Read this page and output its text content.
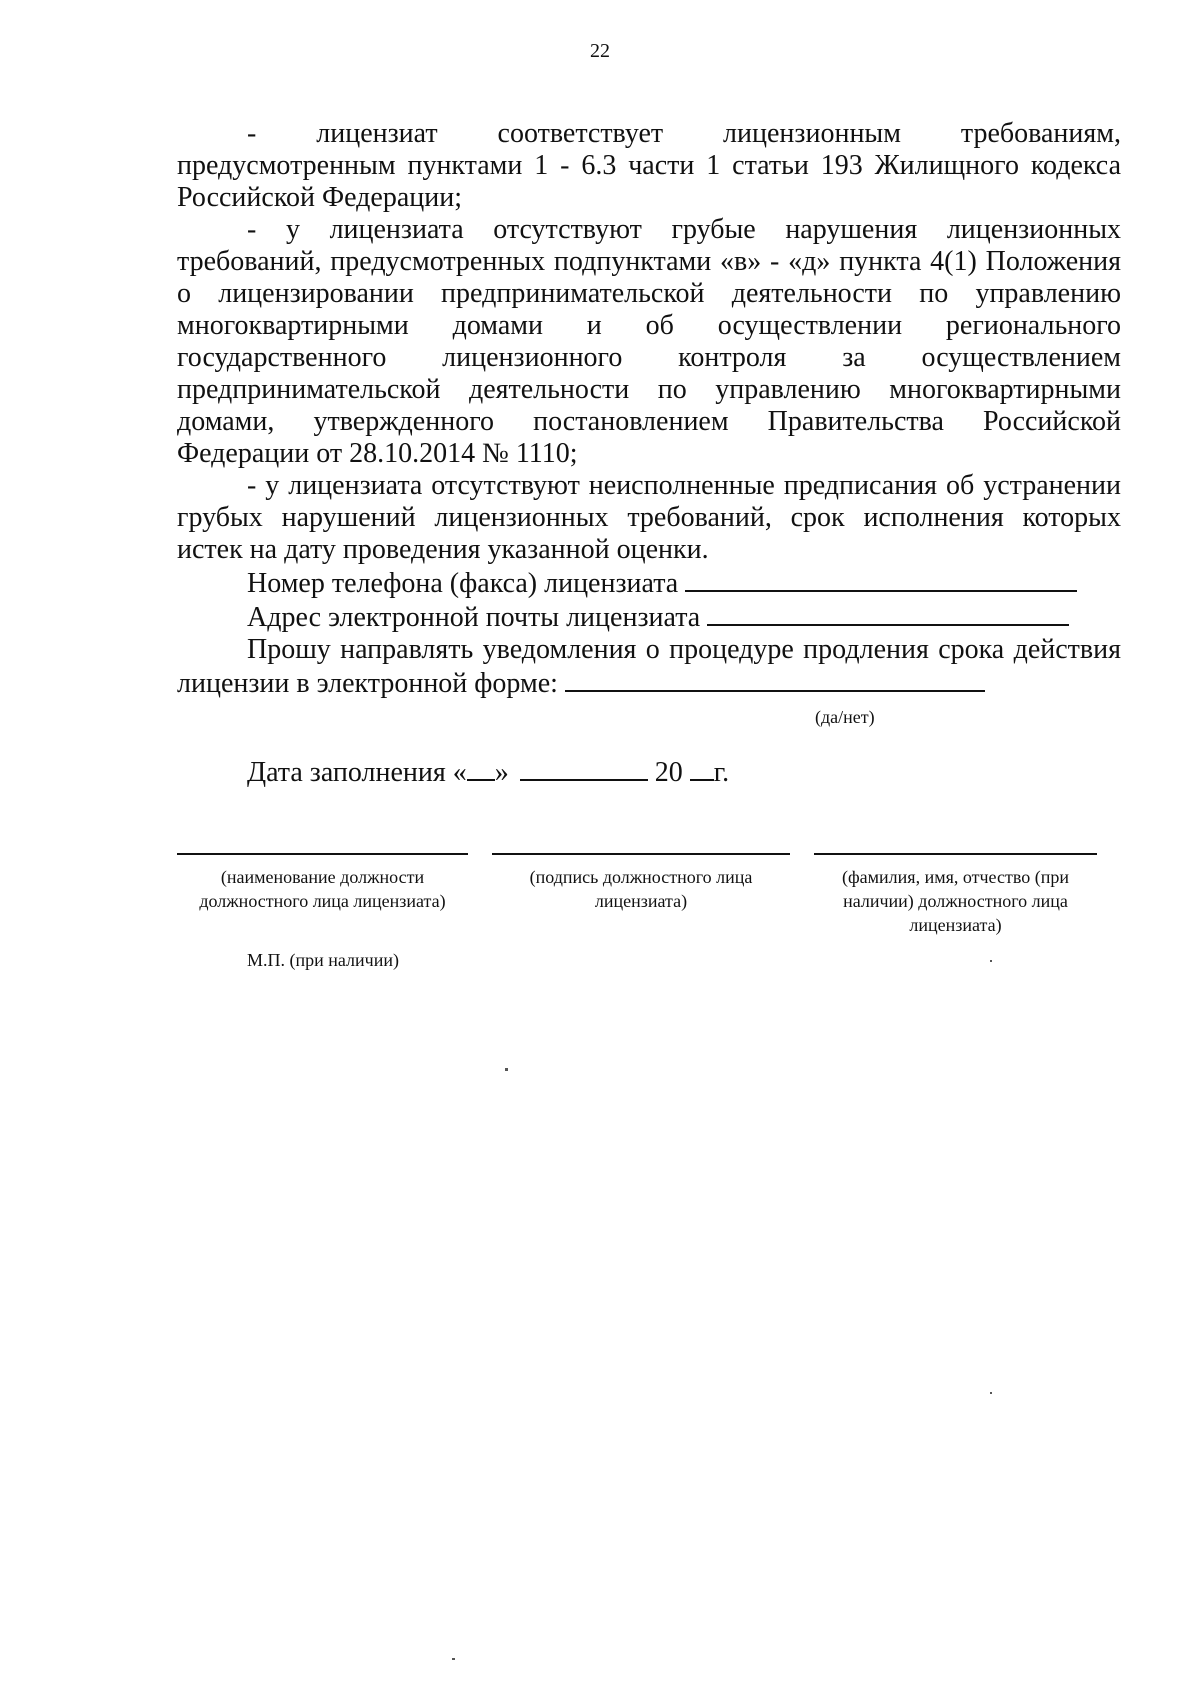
22

- лицензиат соответствует лицензионным требованиям, предусмотренным пунктами 1 - 6.3 части 1 статьи 193 Жилищного кодекса Российской Федерации;

- у лицензиата отсутствуют грубые нарушения лицензионных требований, предусмотренных подпунктами «в» - «д» пункта 4(1) Положения о лицензировании предпринимательской деятельности по управлению многоквартирными домами и об осуществлении регионального государственного лицензионного контроля за осуществлением предпринимательской деятельности по управлению многоквартирными домами, утвержденного постановлением Правительства Российской Федерации от 28.10.2014 № 1110;

- у лицензиата отсутствуют неисполненные предписания об устранении грубых нарушений лицензионных требований, срок исполнения которых истек на дату проведения указанной оценки.

Номер телефона (факса) лицензиата

Адрес электронной почты лицензиата

Прошу направлять уведомления о процедуре продления срока действия лицензии в электронной форме:

(да/нет)
Дата заполнения « »	20 г.
(наименование должности должностного лица лицензиата)
(подпись должностного лица лицензиата)
(фамилия, имя, отчество (при наличии) должностного лица лицензиата)
М.П. (при наличии)
